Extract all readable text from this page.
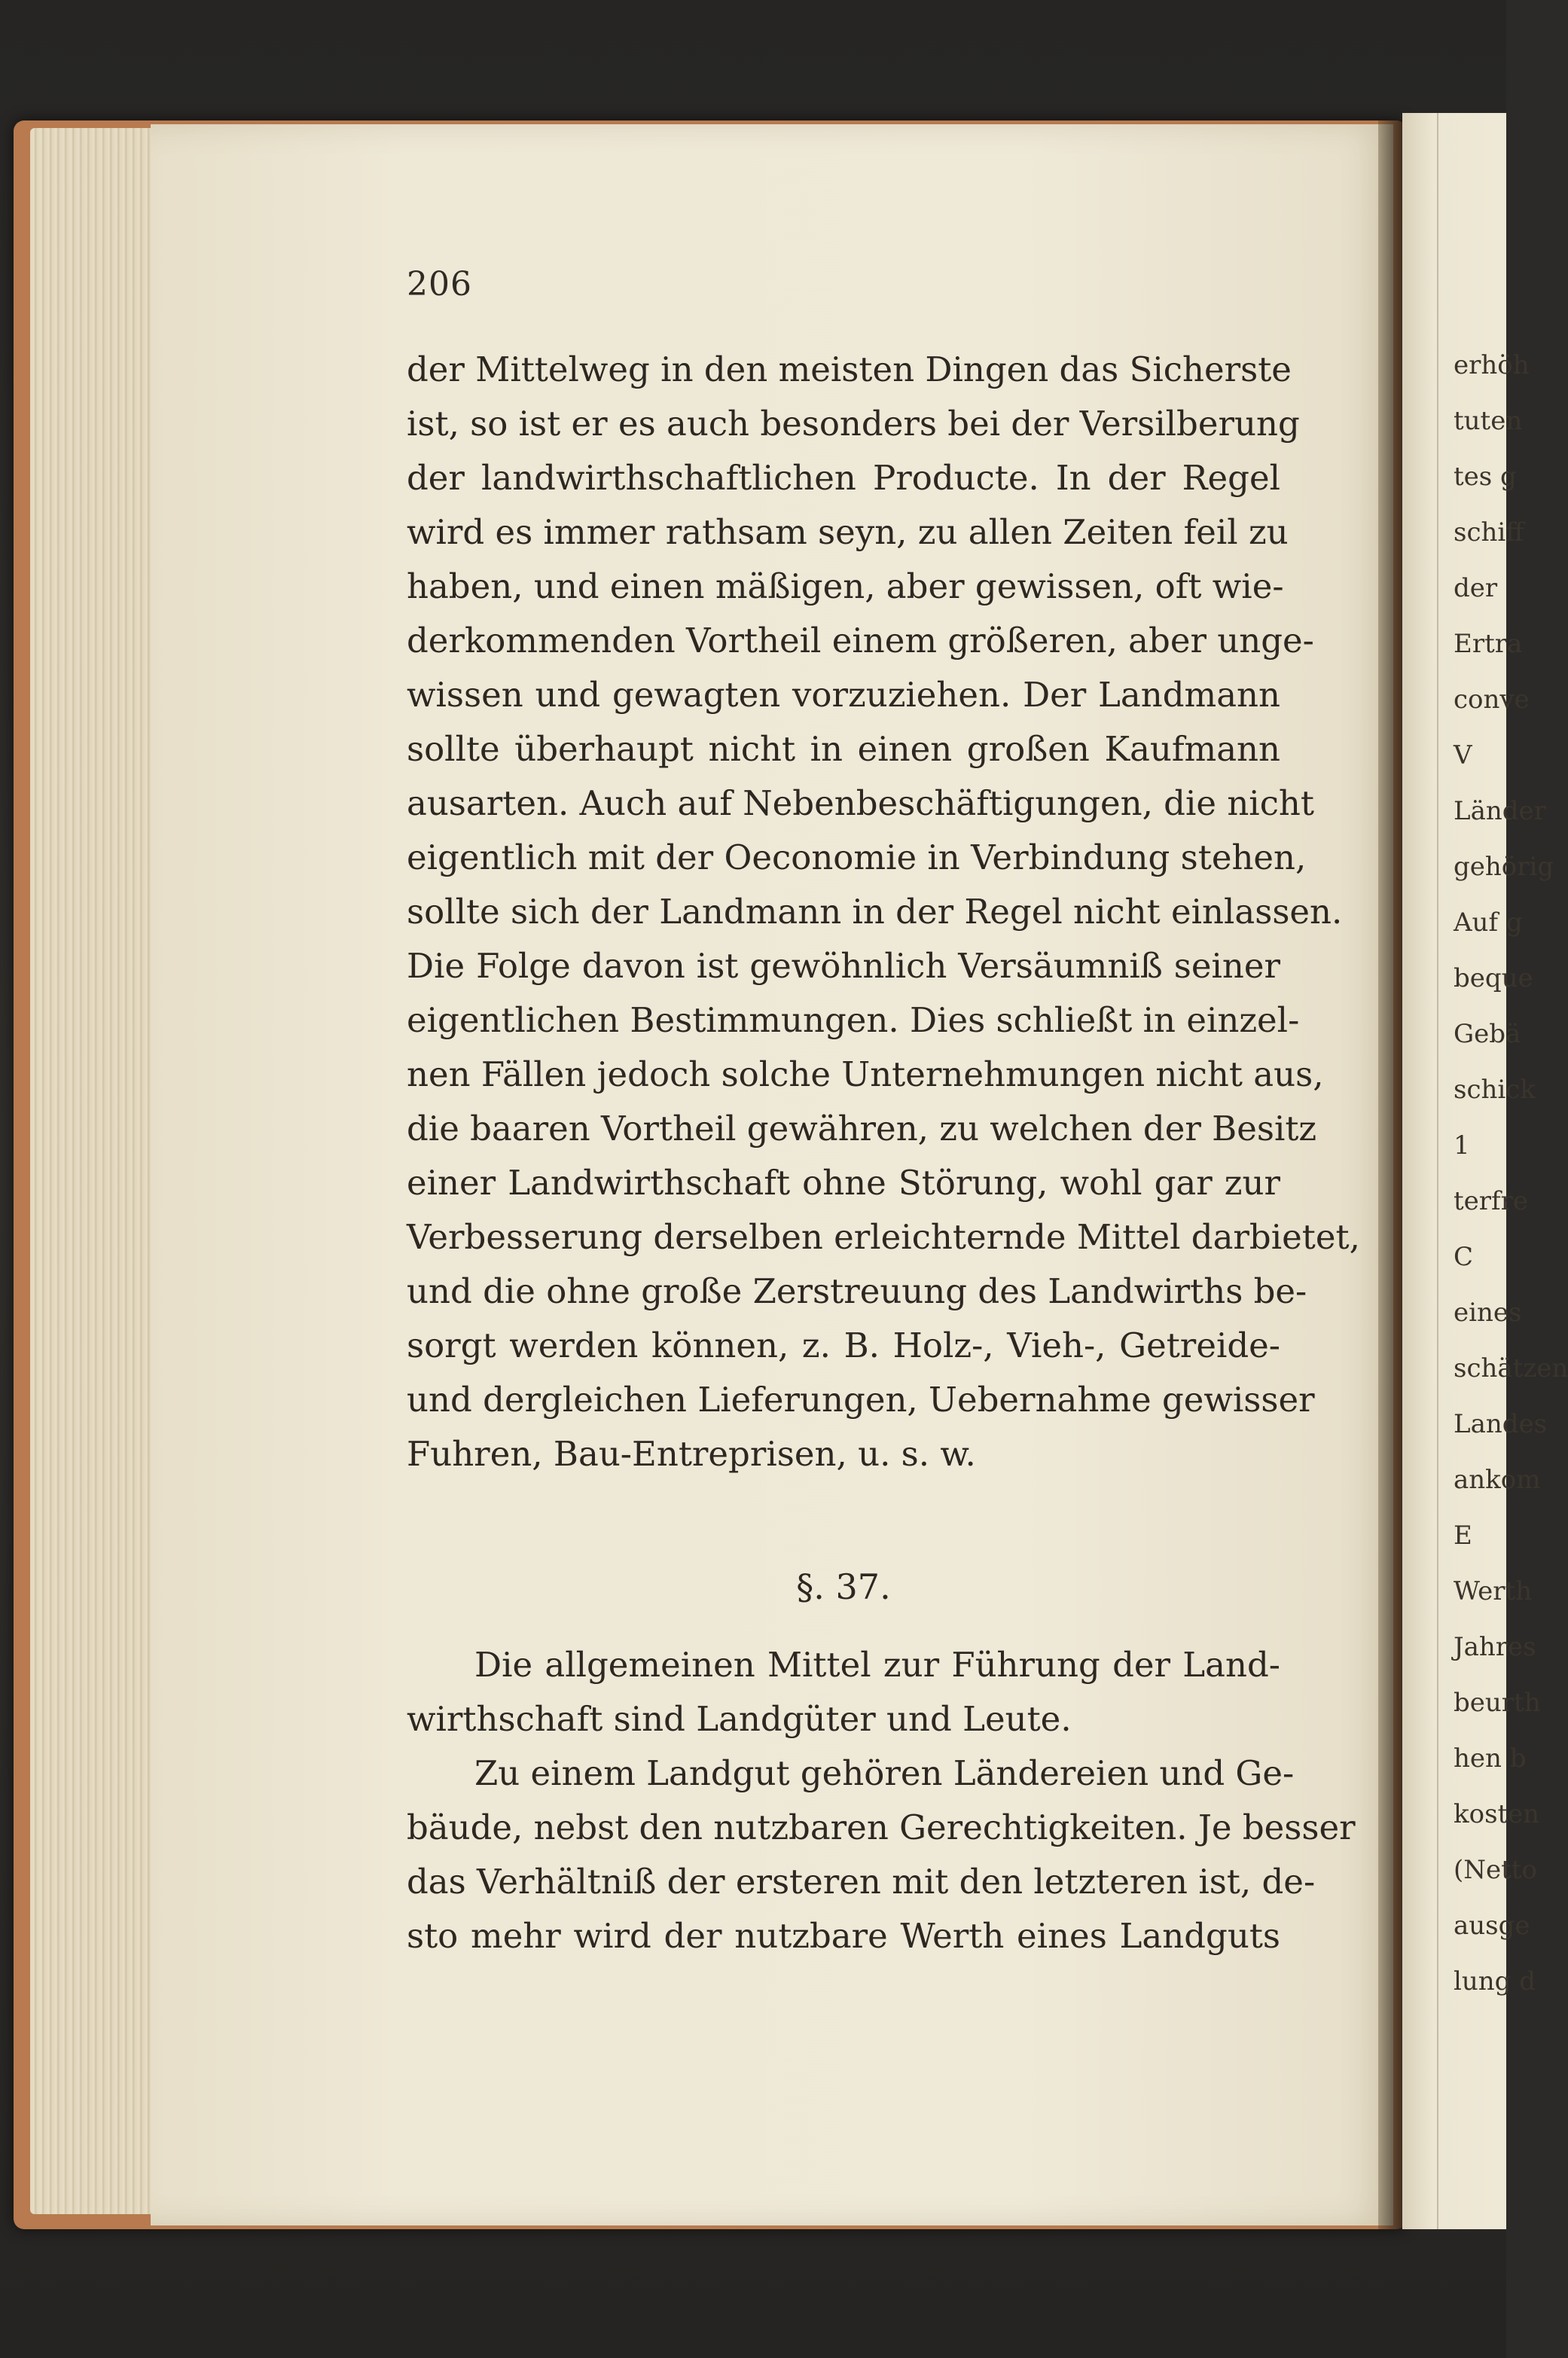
erhöh
tuten
tes g
schiff
der
Ertra
conve
V
Länder
gehörig
Auf g
beque
Gebä
schick
1
terfre
C
eines
schätzen
Landes
ankom
E
Werth
Jahres
beurth
hen b
kosten
(Netto
ausge
lung d
206
der Mittelweg in den meisten Dingen das Sicherste
ist, so ist er es auch besonders bei der Versilberung
der landwirthschaftlichen Producte. In der Regel
wird es immer rathsam seyn, zu allen Zeiten feil zu
haben, und einen mäßigen, aber gewissen, oft wie-
derkommenden Vortheil einem größeren, aber unge-
wissen und gewagten vorzuziehen. Der Landmann
sollte überhaupt nicht in einen großen Kaufmann
ausarten. Auch auf Nebenbeschäftigungen, die nicht
eigentlich mit der Oeconomie in Verbindung stehen,
sollte sich der Landmann in der Regel nicht einlassen.
Die Folge davon ist gewöhnlich Versäumniß seiner
eigentlichen Bestimmungen. Dies schließt in einzel-
nen Fällen jedoch solche Unternehmungen nicht aus,
die baaren Vortheil gewähren, zu welchen der Besitz
einer Landwirthschaft ohne Störung, wohl gar zur
Verbesserung derselben erleichternde Mittel darbietet,
und die ohne große Zerstreuung des Landwirths be-
sorgt werden können, z. B. Holz-, Vieh-, Getreide-
und dergleichen Lieferungen, Uebernahme gewisser
Fuhren, Bau-Entreprisen, u. s. w.
§. 37.
Die allgemeinen Mittel zur Führung der Land-
wirthschaft sind Landgüter und Leute.
Zu einem Landgut gehören Ländereien und Ge-
bäude, nebst den nutzbaren Gerechtigkeiten. Je besser
das Verhältniß der ersteren mit den letzteren ist, de-
sto mehr wird der nutzbare Werth eines Landguts
